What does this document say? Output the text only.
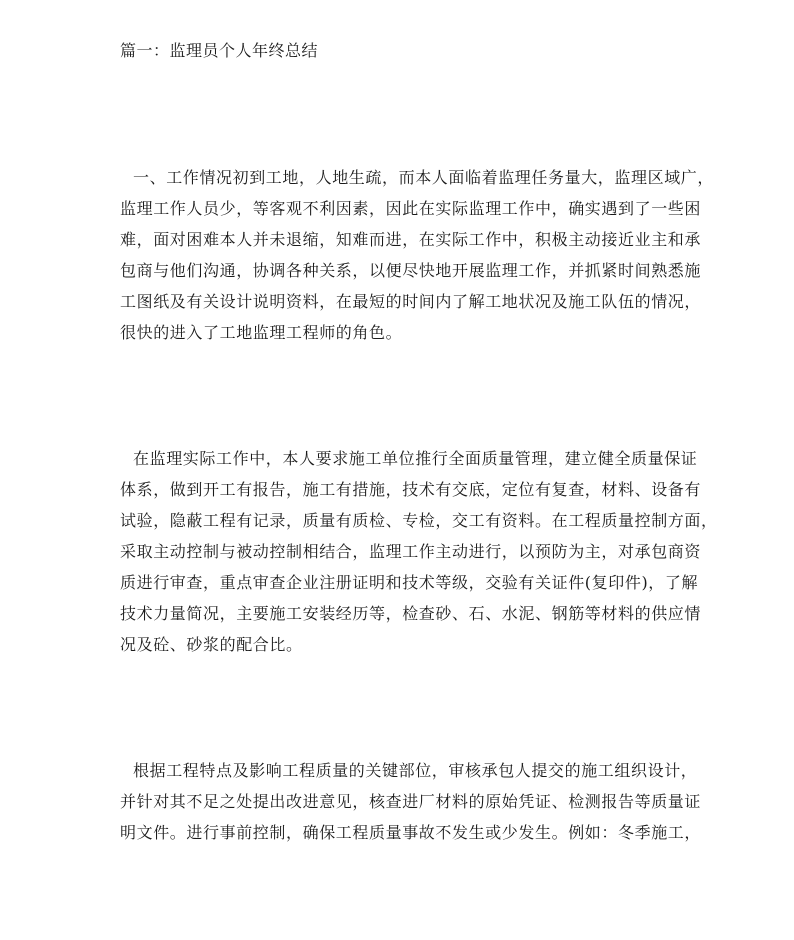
篇一：监理员个人年终总结

一、工作情况初到工地，人地生疏，而本人面临着监理任务量大，监理区域广，
监理工作人员少，等客观不利因素，因此在实际监理工作中，确实遇到了一些困
难，面对困难本人并未退缩，知难而进，在实际工作中，积极主动接近业主和承
包商与他们沟通，协调各种关系，以便尽快地开展监理工作，并抓紧时间熟悉施
工图纸及有关设计说明资料，在最短的时间内了解工地状况及施工队伍的情况，
很快的进入了工地监理工程师的角色。

在监理实际工作中，本人要求施工单位推行全面质量管理，建立健全质量保证
体系，做到开工有报告，施工有措施，技术有交底，定位有复查，材料、设备有
试验，隐蔽工程有记录，质量有质检、专检，交工有资料。在工程质量控制方面，
采取主动控制与被动控制相结合，监理工作主动进行，以预防为主，对承包商资
质进行审查，重点审查企业注册证明和技术等级，交验有关证件(复印件)，了解
技术力量简况，主要施工安装经历等，检查砂、石、水泥、钢筋等材料的供应情
况及砼、砂浆的配合比。

根据工程特点及影响工程质量的关键部位，审核承包人提交的施工组织设计，
并针对其不足之处提出改进意见，核查进厂材料的原始凭证、检测报告等质量证
明文件。进行事前控制，确保工程质量事故不发生或少发生。例如：冬季施工，
